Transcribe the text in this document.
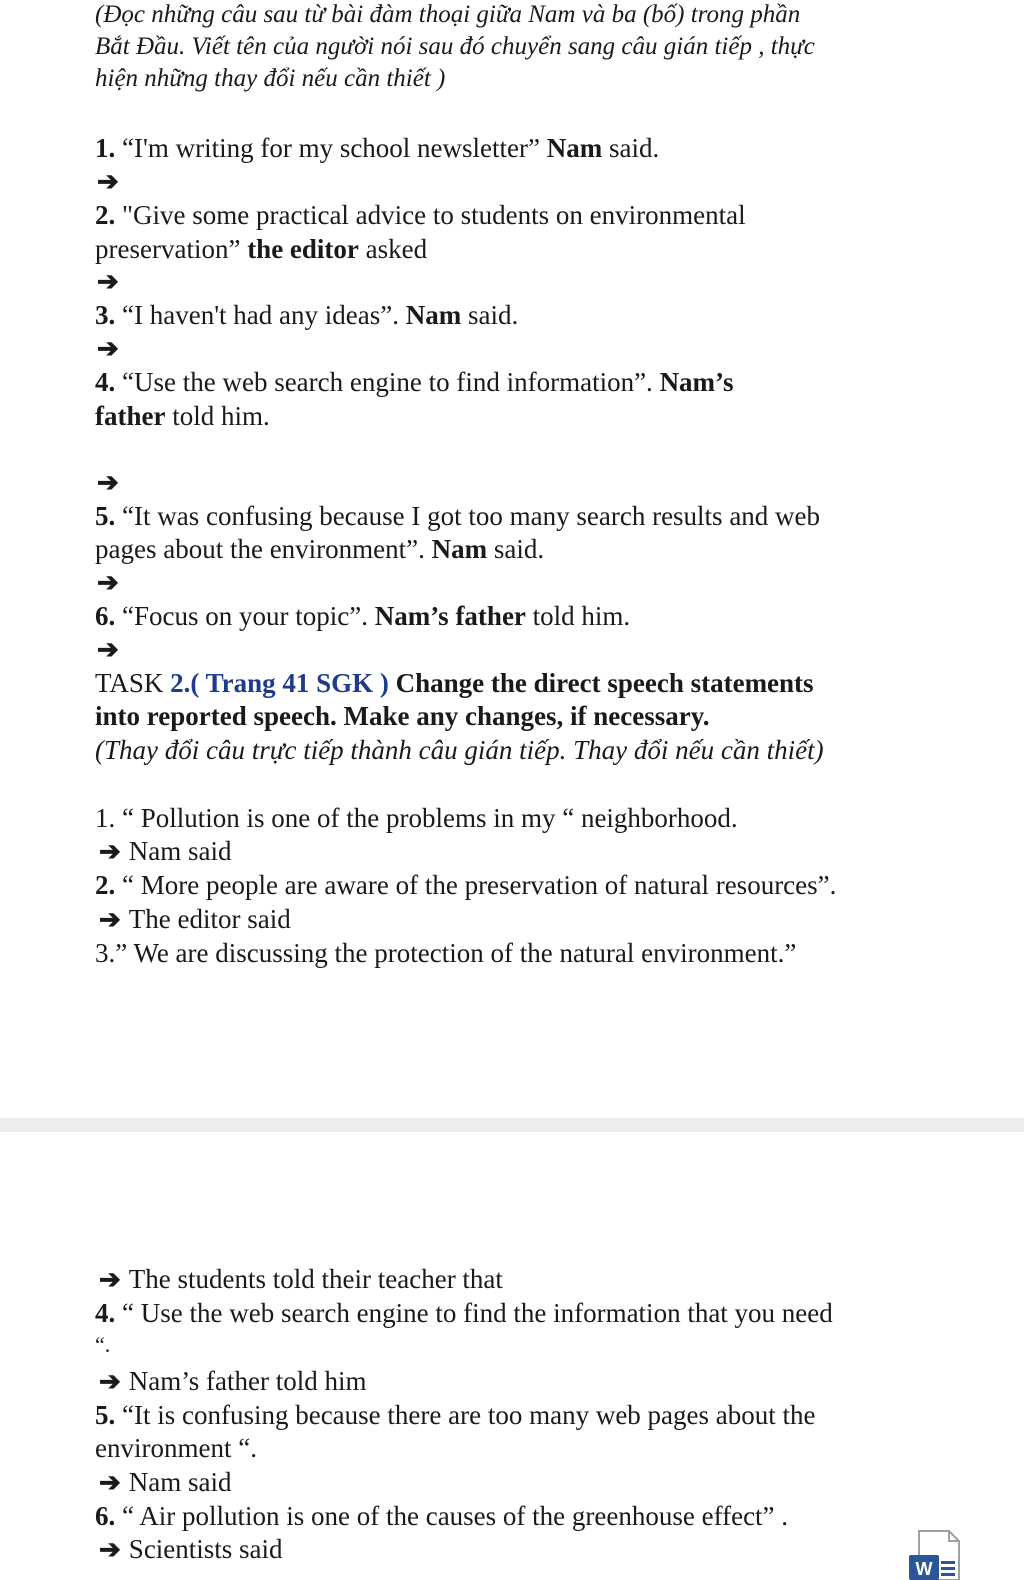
(Đọc những câu sau từ bài đàm thoại giữa Nam và ba (bố) trong phần
Bắt Đầu. Viết tên của người nói sau đó chuyển sang câu gián tiếp , thực
hiện những thay đổi nếu cần thiết )
1. “I'm writing for my school newsletter” Nam said.
➔
2. "Give some practical advice to students on environmental
preservation” the editor asked
➔
3. “I haven't had any ideas”. Nam said.
➔
4. “Use the web search engine to find information”. Nam’s
father told him.
➔
5. “It was confusing because I got too many search results and web
pages about the environment”. Nam said.
➔
6. “Focus on your topic”. Nam’s father told him.
➔
TASK 2.( Trang 41 SGK ) Change the direct speech statements
into reported speech. Make any changes, if necessary.
(Thay đổi câu trực tiếp thành câu gián tiếp. Thay đổi nếu cần thiết)
1. “ Pollution is one of the problems in my “ neighborhood.
➔ Nam said
2. “ More people are aware of the preservation of natural resources”.
➔ The editor said
3.” We are discussing the protection of the natural environment.”
➔ The students told their teacher that
4. “ Use the web search engine to find the information that you need
“.
➔ Nam’s father told him
5. “It is confusing because there are too many web pages about the
environment “.
➔ Nam said
6. “ Air pollution is one of the causes of the greenhouse effect” .
➔ Scientists said
W
